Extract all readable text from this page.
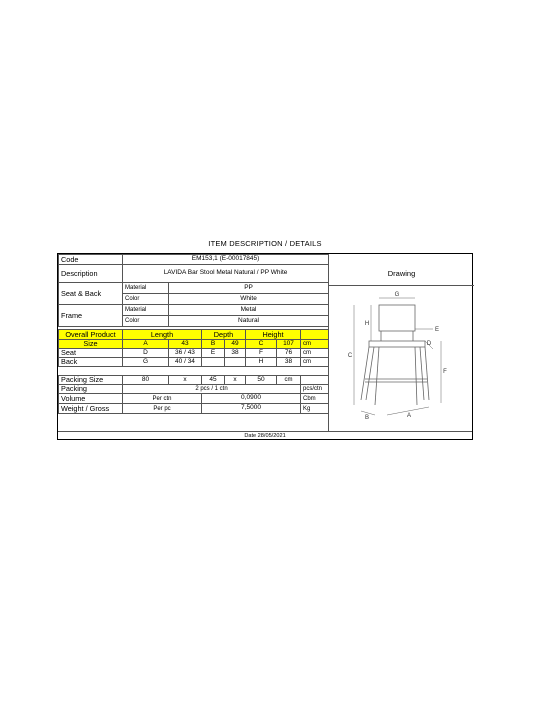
ITEM DESCRIPTION / DETAILS
Code	EM153,1 (E-00017845)						
Description	LAVIDA Bar Stool Metal Natural / PP White						
Seat & Back	Material	PP					
	Color	White					
Frame	Material	Metal					
	Color	Natural					

Overall Product	Length		Depth		Height		
Size	A	43	B	49	C	107	cm
Seat	D	36 / 43	E	38	F	76	cm
Back	G	40 / 34			H	38	cm

Packing Size	80	x	45	x	50	cm	
Packing	2 pcs / 1 ctn						pcs/ctn
Volume	Per ctn		0,0900				Cbm
Weight / Gross	Per pc		7,5000				Kg
Drawing
G
H
C
E
D
F
B	A
Date 28/05/2021
